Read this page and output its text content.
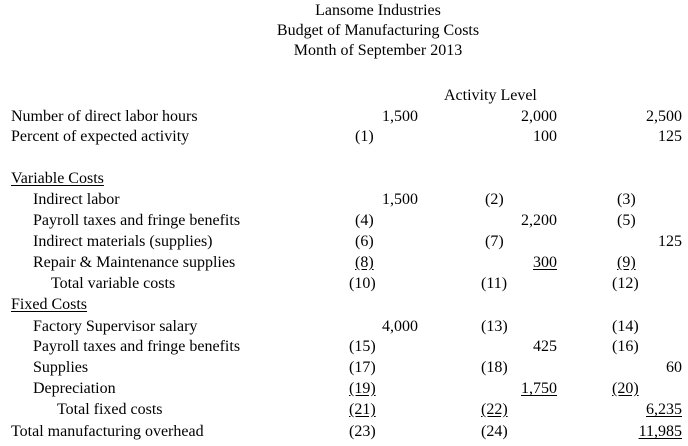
Lansome Industries
Budget of Manufacturing Costs
Month of September 2013
Activity Level
Number of direct labor hours	1,500	2,000	2,500
Percent of expected activity	(1)	100	125
Variable Costs
Indirect labor	1,500	(2)	(3)
Payroll taxes and fringe benefits	(4)	2,200	(5)
Indirect materials (supplies)	(6)	(7)	125
Repair & Maintenance supplies	(8)	300	(9)
Total variable costs	(10)	(11)	(12)
Fixed Costs
Factory Supervisor salary	4,000	(13)	(14)
Payroll taxes and fringe benefits	(15)	425	(16)
Supplies	(17)	(18)	60
Depreciation	(19)	1,750	(20)
Total fixed costs	(21)	(22)	6,235
Total manufacturing overhead	(23)	(24)	11,985
